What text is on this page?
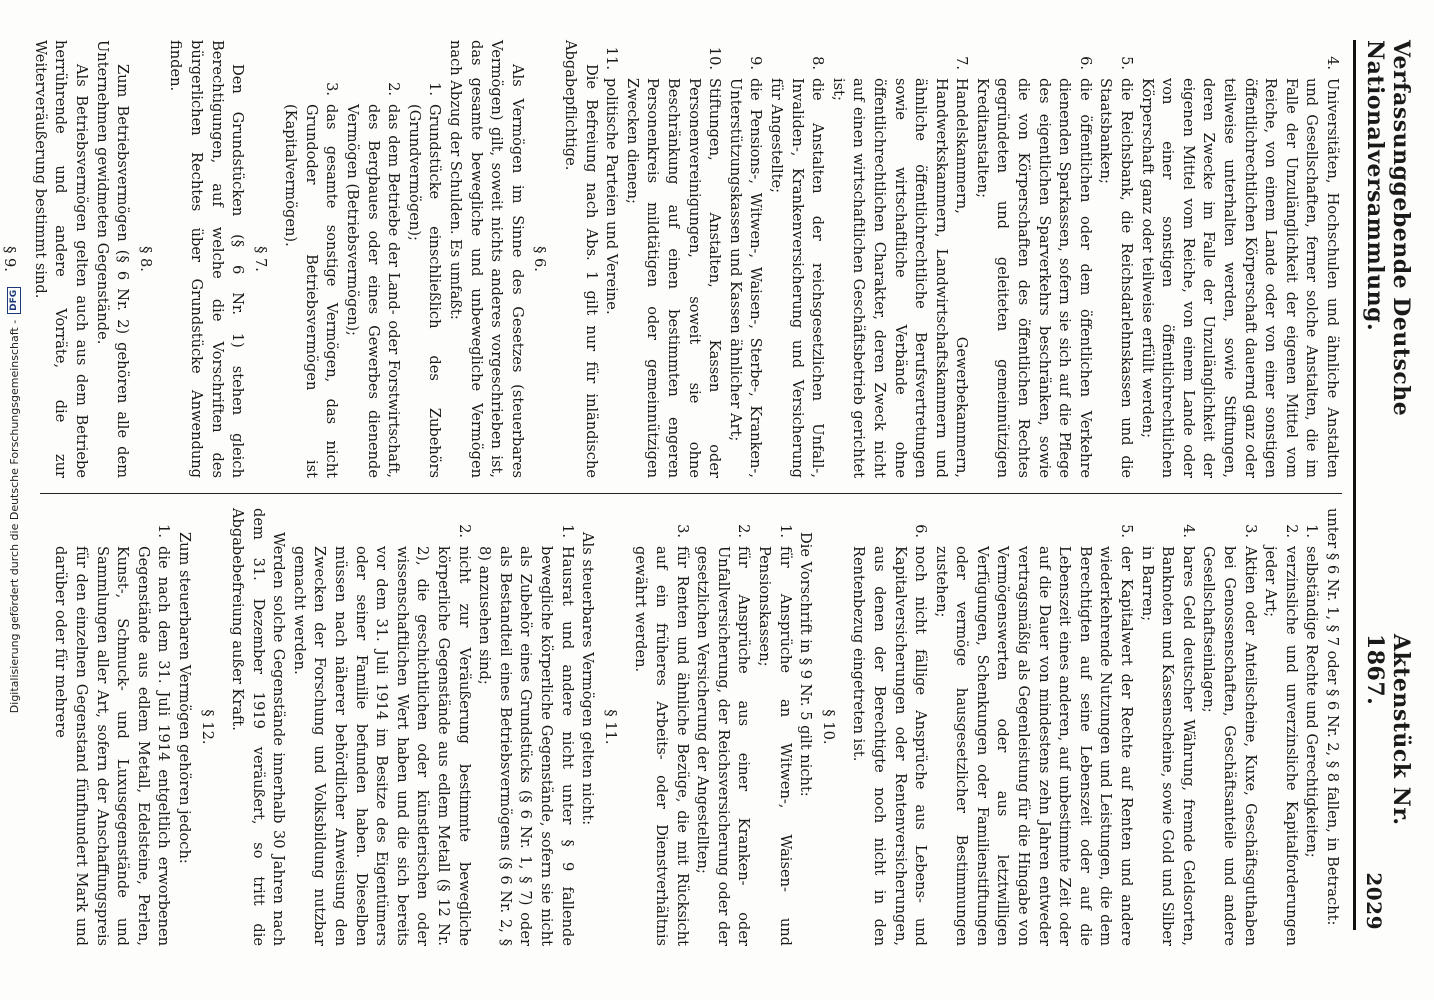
Verfassunggebende Deutsche Nationalversammlung.
Aktenstück Nr. 1867.
2029
4.
Universitäten, Hochschulen und ähnliche Anstalten und Gesellschaften, ferner solche Anstalten, die im Falle der Unzulänglichkeit der eigenen Mittel vom Reiche, von einem Lande oder von einer sonstigen öffentlichrechtlichen Körperschaft dauernd ganz oder teilweise unterhalten werden, sowie Stiftungen, deren Zwecke im Falle der Unzulänglichkeit der eigenen Mittel vom Reiche, von einem Lande oder von einer sonstigen öffentlichrechtlichen Körperschaft ganz oder teilweise erfüllt werden;
5.
die Reichsbank, die Reichsdarlehnskassen und die Staatsbanken;
6.
die öffentlichen oder dem öffentlichen Verkehre dienenden Sparkassen, sofern sie sich auf die Pflege des eigentlichen Sparverkehrs beschränken, sowie die von Körperschaften des öffentlichen Rechtes gegründeten und geleiteten gemeinnützigen Kreditanstalten;
7.
Handelskammern, Gewerbekammern, Handwerkskammern, Landwirtschaftskammern und ähnliche öffentlichrechtliche Berufsvertretungen sowie wirtschaftliche Verbände ohne öffentlichrechtlichen Charakter, deren Zweck nicht auf einen wirtschaftlichen Geschäftsbetrieb gerichtet ist;
8.
die Anstalten der reichsgesetzlichen Unfall-, Invaliden-, Krankenversicherung und Versicherung für Angestellte;
9.
die Pensions-, Witwen-, Waisen-, Sterbe-, Kranken-, Unterstützungskassen und Kassen ähnlicher Art;
10.
Stiftungen, Anstalten, Kassen oder Personenvereinigungen, soweit sie ohne Beschränkung auf einen bestimmten engeren Personenkreis mildtätigen oder gemeinnützigen Zwecken dienen;
11.
politische Parteien und Vereine.

Die Befreiung nach Abs. 1 gilt nur für inländische Abgabepflichtige.

§ 6.

Als Vermögen im Sinne des Gesetzes (steuerbares Vermögen) gilt, soweit nichts anderes vorgeschrieben ist, das gesamte bewegliche und unbewegliche Vermögen nach Abzug der Schulden. Es umfaßt:

1.
Grundstücke einschließlich des Zubehörs (Grundvermögen);
2.
das dem Betriebe der Land- oder Forstwirtschaft, des Bergbaues oder eines Gewerbes dienende Vermögen (Betriebsvermögen);
3.
das gesamte sonstige Vermögen, das nicht Grundoder Betriebsvermögen ist (Kapitalvermögen).
§ 7.

Den Grundstücken (§ 6 Nr. 1) stehen gleich Berechtigungen, auf welche die Vorschriften des bürgerlichen Rechtes über Grundstücke Anwendung finden.

§ 8.

Zum Betriebsvermögen (§ 6 Nr. 2) gehören alle dem Unternehmen gewidmeten Gegenstände.

Als Betriebsvermögen gelten auch aus dem Betriebe herrührende und andere Vorräte, die zur Weiterveräußerung bestimmt sind.

§ 9.

unter § 6 Nr. 1, § 7 oder § 6 Nr. 2, § 8 fallen, in Betracht:

1.
selbständige Rechte und Gerechtigkeiten;
2.
verzinsliche und unverzinsliche Kapitalforderungen jeder Art;
3.
Aktien oder Anteilscheine, Kuxe, Geschäftsguthaben bei Genossenschaften, Geschäftsanteile und andere Gesellschaftseinlagen;
4.
bares Geld deutscher Währung, fremde Geldsorten, Banknoten und Kassenscheine, sowie Gold und Silber in Barren;
5.
der Kapitalwert der Rechte auf Renten und andere wiederkehrende Nutzungen und Leistungen, die dem Berechtigten auf seine Lebenszeit oder auf die Lebenszeit eines anderen, auf unbestimmte Zeit oder auf die Dauer von mindestens zehn Jahren entweder vertragsmäßig als Gegenleistung für die Hingabe von Vermögenswerten oder aus letztwilligen Verfügungen, Schenkungen oder Familienstiftungen oder vermöge hausgesetzlicher Bestimmungen zustehen;
6.
noch nicht fällige Ansprüche aus Lebens- und Kapitalversicherungen oder Rentenversicherungen, aus denen der Berechtigte noch nicht in den Rentenbezug eingetreten ist.
§ 10.

Die Vorschrift in § 9 Nr. 5 gilt nicht:

1.
für Ansprüche an Witwen-, Waisen- und Pensionskassen;
2.
für Ansprüche aus einer Kranken- oder Unfallversicherung, der Reichsversicherung oder der gesetzlichen Versicherung der Angestellten;
3.
für Renten und ähnliche Bezüge, die mit Rücksicht auf ein früheres Arbeits- oder Dienstverhältnis gewährt werden.
§ 11.

Als steuerbares Vermögen gelten nicht:

1.
Hausrat und andere nicht unter § 9 fallende bewegliche körperliche Gegenstände, sofern sie nicht als Zubehör eines Grundstücks (§ 6 Nr. 1, § 7) oder als Bestandteil eines Betriebsvermögens (§ 6 Nr. 2, § 8) anzusehen sind;
2.
nicht zur Veräußerung bestimmte bewegliche körperliche Gegenstände aus edlem Metall (§ 12 Nr. 2), die geschichtlichen oder künstlerischen oder wissenschaftlichen Wert haben und die sich bereits vor dem 31. Juli 1914 im Besitze des Eigentümers oder seiner Familie befunden haben. Dieselben müssen nach näherer behördlicher Anweisung den Zwecken der Forschung und Volksbildung nutzbar gemacht werden.

Werden solche Gegenstände innerhalb 30 Jahren nach dem 31. Dezember 1919 veräußert, so tritt die Abgabebefreiung außer Kraft.

§ 12.

Zum steuerbaren Vermögen gehören jedoch:

1.
die nach dem 31. Juli 1914 entgeltlich erworbenen Gegenstände aus edlem Metall, Edelsteine, Perlen, Kunst-, Schmuck- und Luxusgegenstände und Sammlungen aller Art, sofern der Anschaffungspreis für den einzelnen Gegenstand fünfhundert Mark und darüber oder für mehrere
Digitalisierung gefördert durch die Deutsche Forschungsgemeinschaft -
DFG
